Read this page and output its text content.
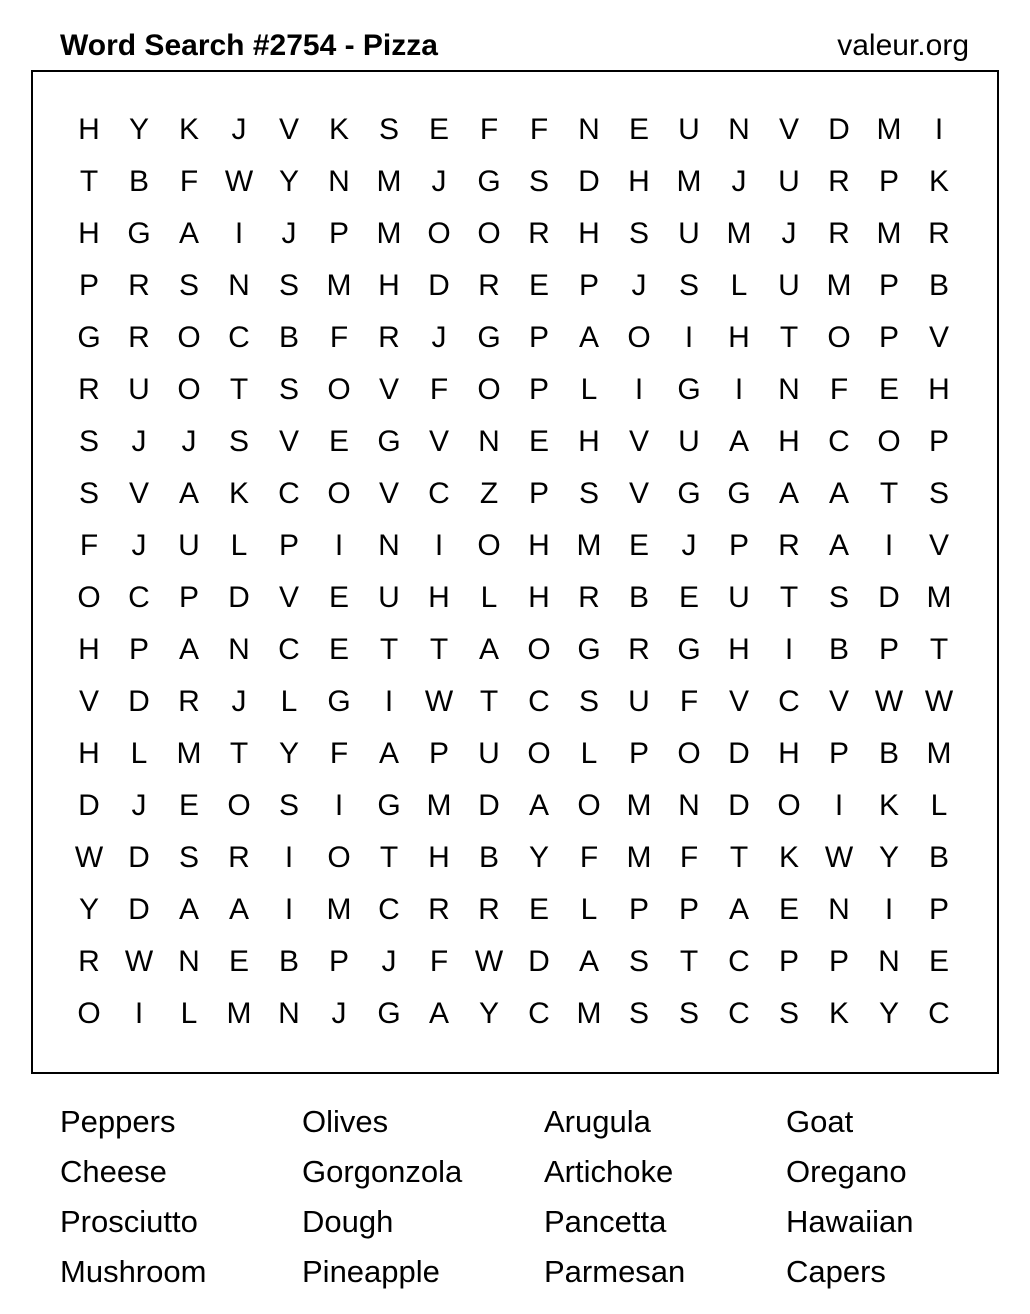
Word Search #2754 - Pizza	valeur.org
H Y K	J	V K S E	F	F	N E U N V D M	I
T	B	F W Y N M	J	G S D H M	J	U R P K
H G A	I	J	P M O O R H S U M	J	R M R
P R S N S M H D R E P	J	S	L	U M P B
G R O C B	F	R	J	G P A O	I	H	T O P V
R U O T	S O V	F O P	L	I	G	I	N	F	E H
S	J	J	S V E G V N E H V U A H C O P
S V A K C O V C	Z	P S V G G A A	T	S
F	J	U	L	P	I	N	I	O H M E	J	P R A	I	V
O C P D V E U H	L	H R B E U	T	S D M
H P A N C E	T	T	A O G R G H	I	B P	T
V D R	J	L G	I	W T	C S U	F	V C V W W
H	L M T	Y	F	A P U O L	P O D H P B M
D	J	E O S	I	G M D A O M N D O	I	K	L
W D S R	I	O T	H B Y	F M F	T	K W Y B
Y D A A	I	M C R R E	L	P P A E N	I	P
R W N E B P	J	F W D A S	T	C P P N E
O	I	L M N	J	G A Y C M S S C S K Y C
Peppers
Cheese
Prosciutto
Mushroom
Olives
Gorgonzola
Dough
Pineapple
Arugula
Artichoke
Pancetta
Parmesan
Goat
Oregano
Hawaiian
Capers
